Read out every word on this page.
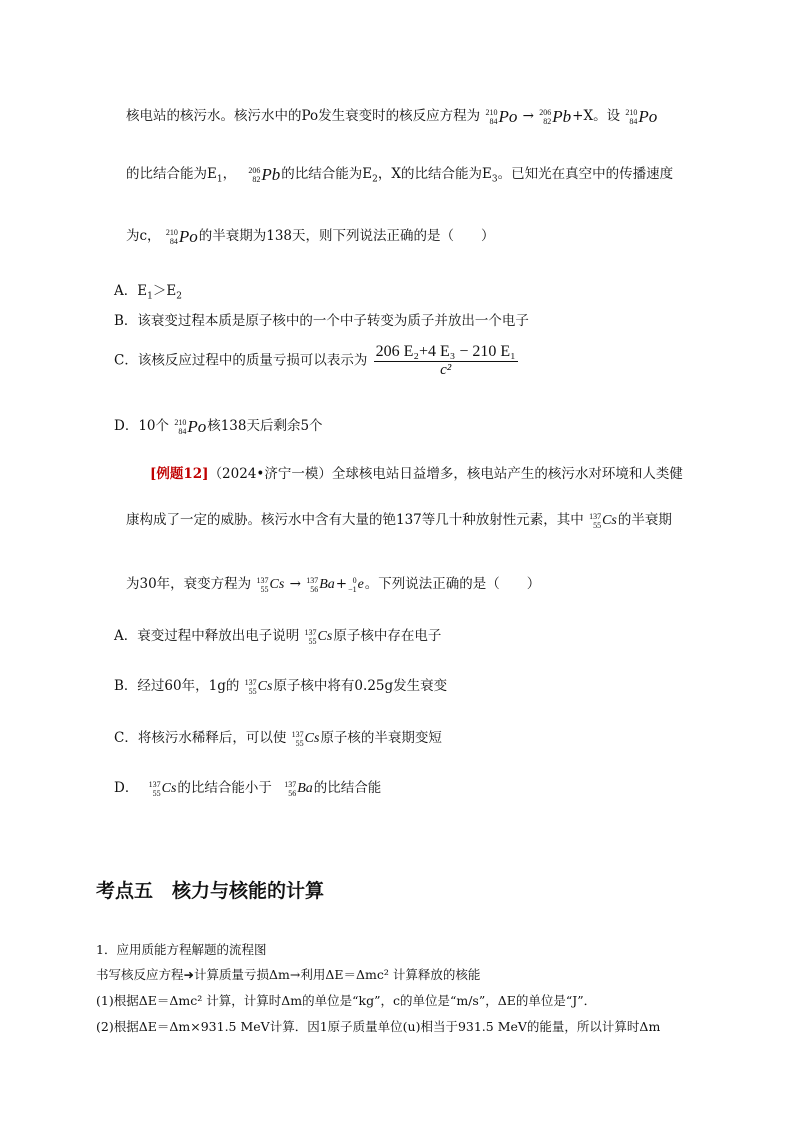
核电站的核污水。核污水中的Po发生衰变时的核反应方程为 210
84 Po → 206
82 Pb +X。设 210
84 Po
的比结合能为$E_1$， 206
82 Pb 的比结合能为$E_2$，X的比结合能为$E_3$。已知光在真空中的传播速度
为c， 210
84 Po 的半衰期为138天，则下列说法正确的是（　　）
A．$E_1>E_2$
B．该衰变过程本质是原子核中的一个中子转变为质子并放出一个电子
C．该核反应过程中的质量亏损可以表示为 $\frac{\text{206 E₂+4 E₃ − 210 E₁}}{\text{c²}}$
D．10个 210
84 Po 核138天后剩余5个
[例题12]（2024•济宁一模）全球核电站日益增多，核电站产生的核污水对环境和人类健
康构成了一定的威胁。核污水中含有大量的铯137等几十种放射性元素，其中 137
55 Cs 的半衰期
为30年，衰变方程为 137
55 Cs → 137
56 Ba + 0
−1 e 。下列说法正确的是（　　）
A．衰变过程中释放出电子说明 137
55 Cs 原子核中存在电子
B．经过60年，1g的 137
55 Cs 原子核中将有0.25g发生衰变
C．将核污水稀释后，可以使 137
55 Cs 原子核的半衰期变短
D． 137
55 Cs 的比结合能小于 137
56 Ba 的比结合能
考点五　核力与核能的计算
1．应用质能方程解题的流程图
书写核反应方程➜计算质量亏损Δm→利用ΔE＝Δmc² 计算释放的核能
(1)根据ΔE＝Δmc² 计算，计算时Δm的单位是“kg”，c的单位是“m/s”，ΔE的单位是“J”．
(2)根据ΔE＝Δm×931.5 MeV计算．因1原子质量单位(u)相当于931.5 MeV的能量，所以计算时Δm
